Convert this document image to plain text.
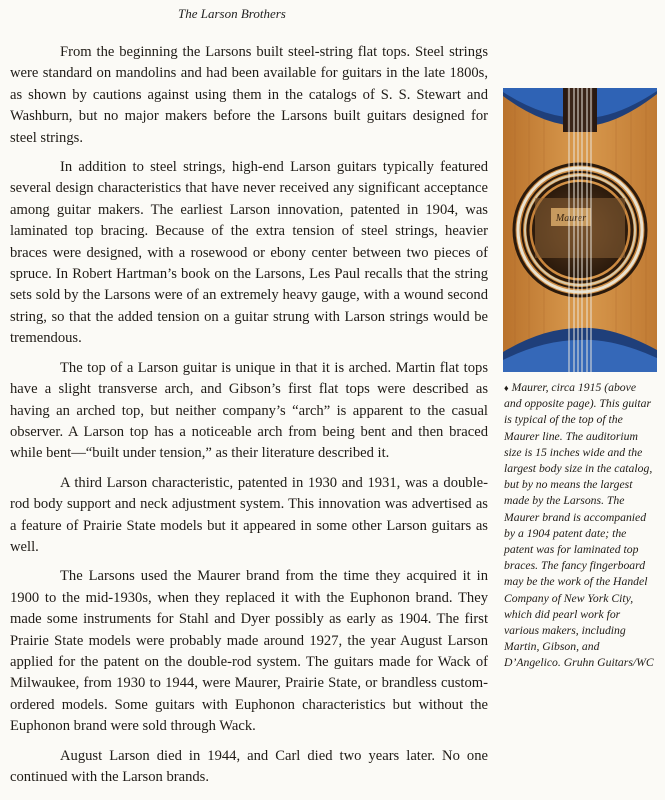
The Larson Brothers

From the beginning the Larsons built steel-string flat tops. Steel strings were standard on mandolins and had been available for guitars in the late 1800s, as shown by cautions against using them in the catalogs of S. S. Stewart and Washburn, but no major makers before the Larsons built guitars designed for steel strings.

In addition to steel strings, high-end Larson guitars typically featured several design characteristics that have never received any significant acceptance among guitar makers. The earliest Larson innovation, patented in 1904, was laminated top bracing. Because of the extra tension of steel strings, heavier braces were designed, with a rosewood or ebony center between two pieces of spruce. In Robert Hartman’s book on the Larsons, Les Paul recalls that the string sets sold by the Larsons were of an extremely heavy gauge, with a wound second string, so that the added tension on a guitar strung with Larson strings would be tremendous.

The top of a Larson guitar is unique in that it is arched. Martin flat tops have a slight transverse arch, and Gibson’s first flat tops were described as having an arched top, but neither company’s “arch” is apparent to the casual observer. A Larson top has a noticeable arch from being bent and then braced while bent—“built under tension,” as their literature described it.

A third Larson characteristic, patented in 1930 and 1931, was a double-rod body support and neck adjustment system. This innovation was advertised as a feature of Prairie State models but it appeared in some other Larson guitars as well.

The Larsons used the Maurer brand from the time they acquired it in 1900 to the mid-1930s, when they replaced it with the Euphonon brand. They made some instruments for Stahl and Dyer possibly as early as 1904. The first Prairie State models were probably made around 1927, the year August Larson applied for the patent on the double-rod system. The guitars made for Wack of Milwaukee, from 1930 to 1944, were Maurer, Prairie State, or brandless custom-ordered models. Some guitars with Euphonon characteristics but without the Euphonon brand were sold through Wack.

August Larson died in 1944, and Carl died two years later. No one continued with the Larson brands.

Maurer
♦ Maurer, circa 1915 (above and opposite page). This guitar is typical of the top of the Maurer line. The auditorium size is 15 inches wide and the largest body size in the catalog, but by no means the largest made by the Larsons. The Maurer brand is accompanied by a 1904 patent date; the patent was for laminated top braces. The fancy fingerboard may be the work of the Handel Company of New York City, which did pearl work for various makers, including Martin, Gibson, and D’Angelico. Gruhn Guitars/WC
